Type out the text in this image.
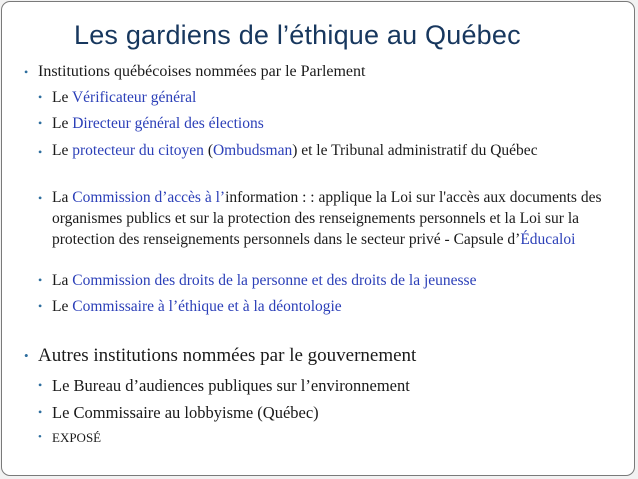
Les gardiens de l’éthique au Québec
• Institutions québécoises nommées par le Parlement
• Le Vérificateur général
• Le Directeur général des élections
• Le protecteur du citoyen (Ombudsman) et le Tribunal administratif du Québec
• La Commission d’accès à l’information : : applique la Loi sur l'accès aux documents des organismes publics et sur la protection des renseignements personnels et la Loi sur la protection des renseignements personnels dans le secteur privé - Capsule d’Éducaloi
• La Commission des droits de la personne et des droits de la jeunesse
• Le Commissaire à l’éthique et à la déontologie
• Autres institutions nommées par le gouvernement
• Le Bureau d’audiences publiques sur l’environnement
• Le Commissaire au lobbyisme (Québec)
• EXPOSÉ
